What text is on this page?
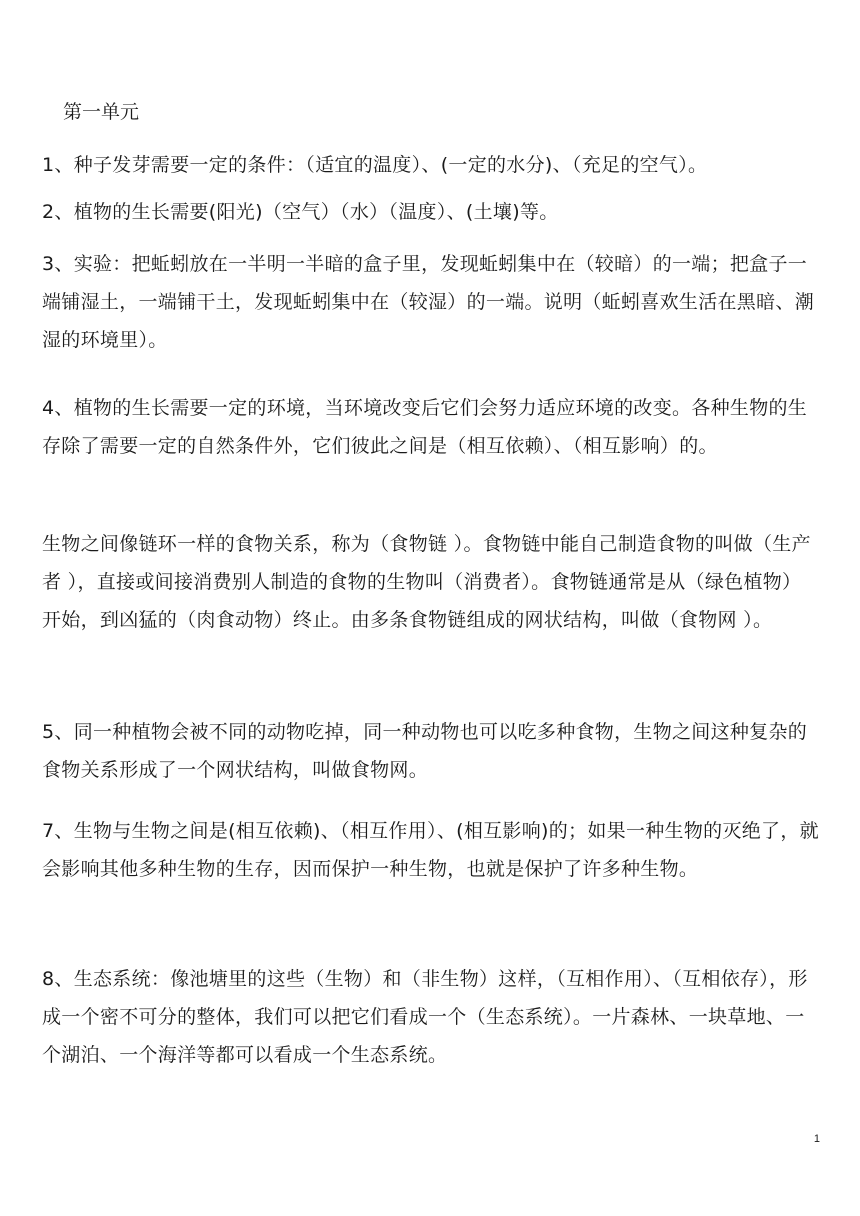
第一单元
1、种子发芽需要一定的条件：（适宜的温度）、(一定的水分)、（充足的空气）。
2、植物的生长需要(阳光)（空气）（水）（温度）、(土壤)等。
3、实验：把蚯蚓放在一半明一半暗的盒子里，发现蚯蚓集中在（较暗）的一端；把盒子一端铺湿土，一端铺干土，发现蚯蚓集中在（较湿）的一端。说明（蚯蚓喜欢生活在黑暗、潮湿的环境里）。
4、植物的生长需要一定的环境，当环境改变后它们会努力适应环境的改变。各种生物的生存除了需要一定的自然条件外，它们彼此之间是（相互依赖）、（相互影响）的。
生物之间像链环一样的食物关系，称为（食物链 ）。食物链中能自己制造食物的叫做（生产者 ），直接或间接消费别人制造的食物的生物叫（消费者）。食物链通常是从（绿色植物）开始，到凶猛的（肉食动物）终止。由多条食物链组成的网状结构，叫做（食物网 ）。
5、同一种植物会被不同的动物吃掉，同一种动物也可以吃多种食物，生物之间这种复杂的食物关系形成了一个网状结构，叫做食物网。
7、生物与生物之间是(相互依赖)、（相互作用）、(相互影响)的；如果一种生物的灭绝了，就会影响其他多种生物的生存，因而保护一种生物，也就是保护了许多种生物。
8、生态系统：像池塘里的这些（生物）和（非生物）这样，（互相作用）、（互相依存），形成一个密不可分的整体，我们可以把它们看成一个（生态系统）。一片森林、一块草地、一个湖泊、一个海洋等都可以看成一个生态系统。
1
